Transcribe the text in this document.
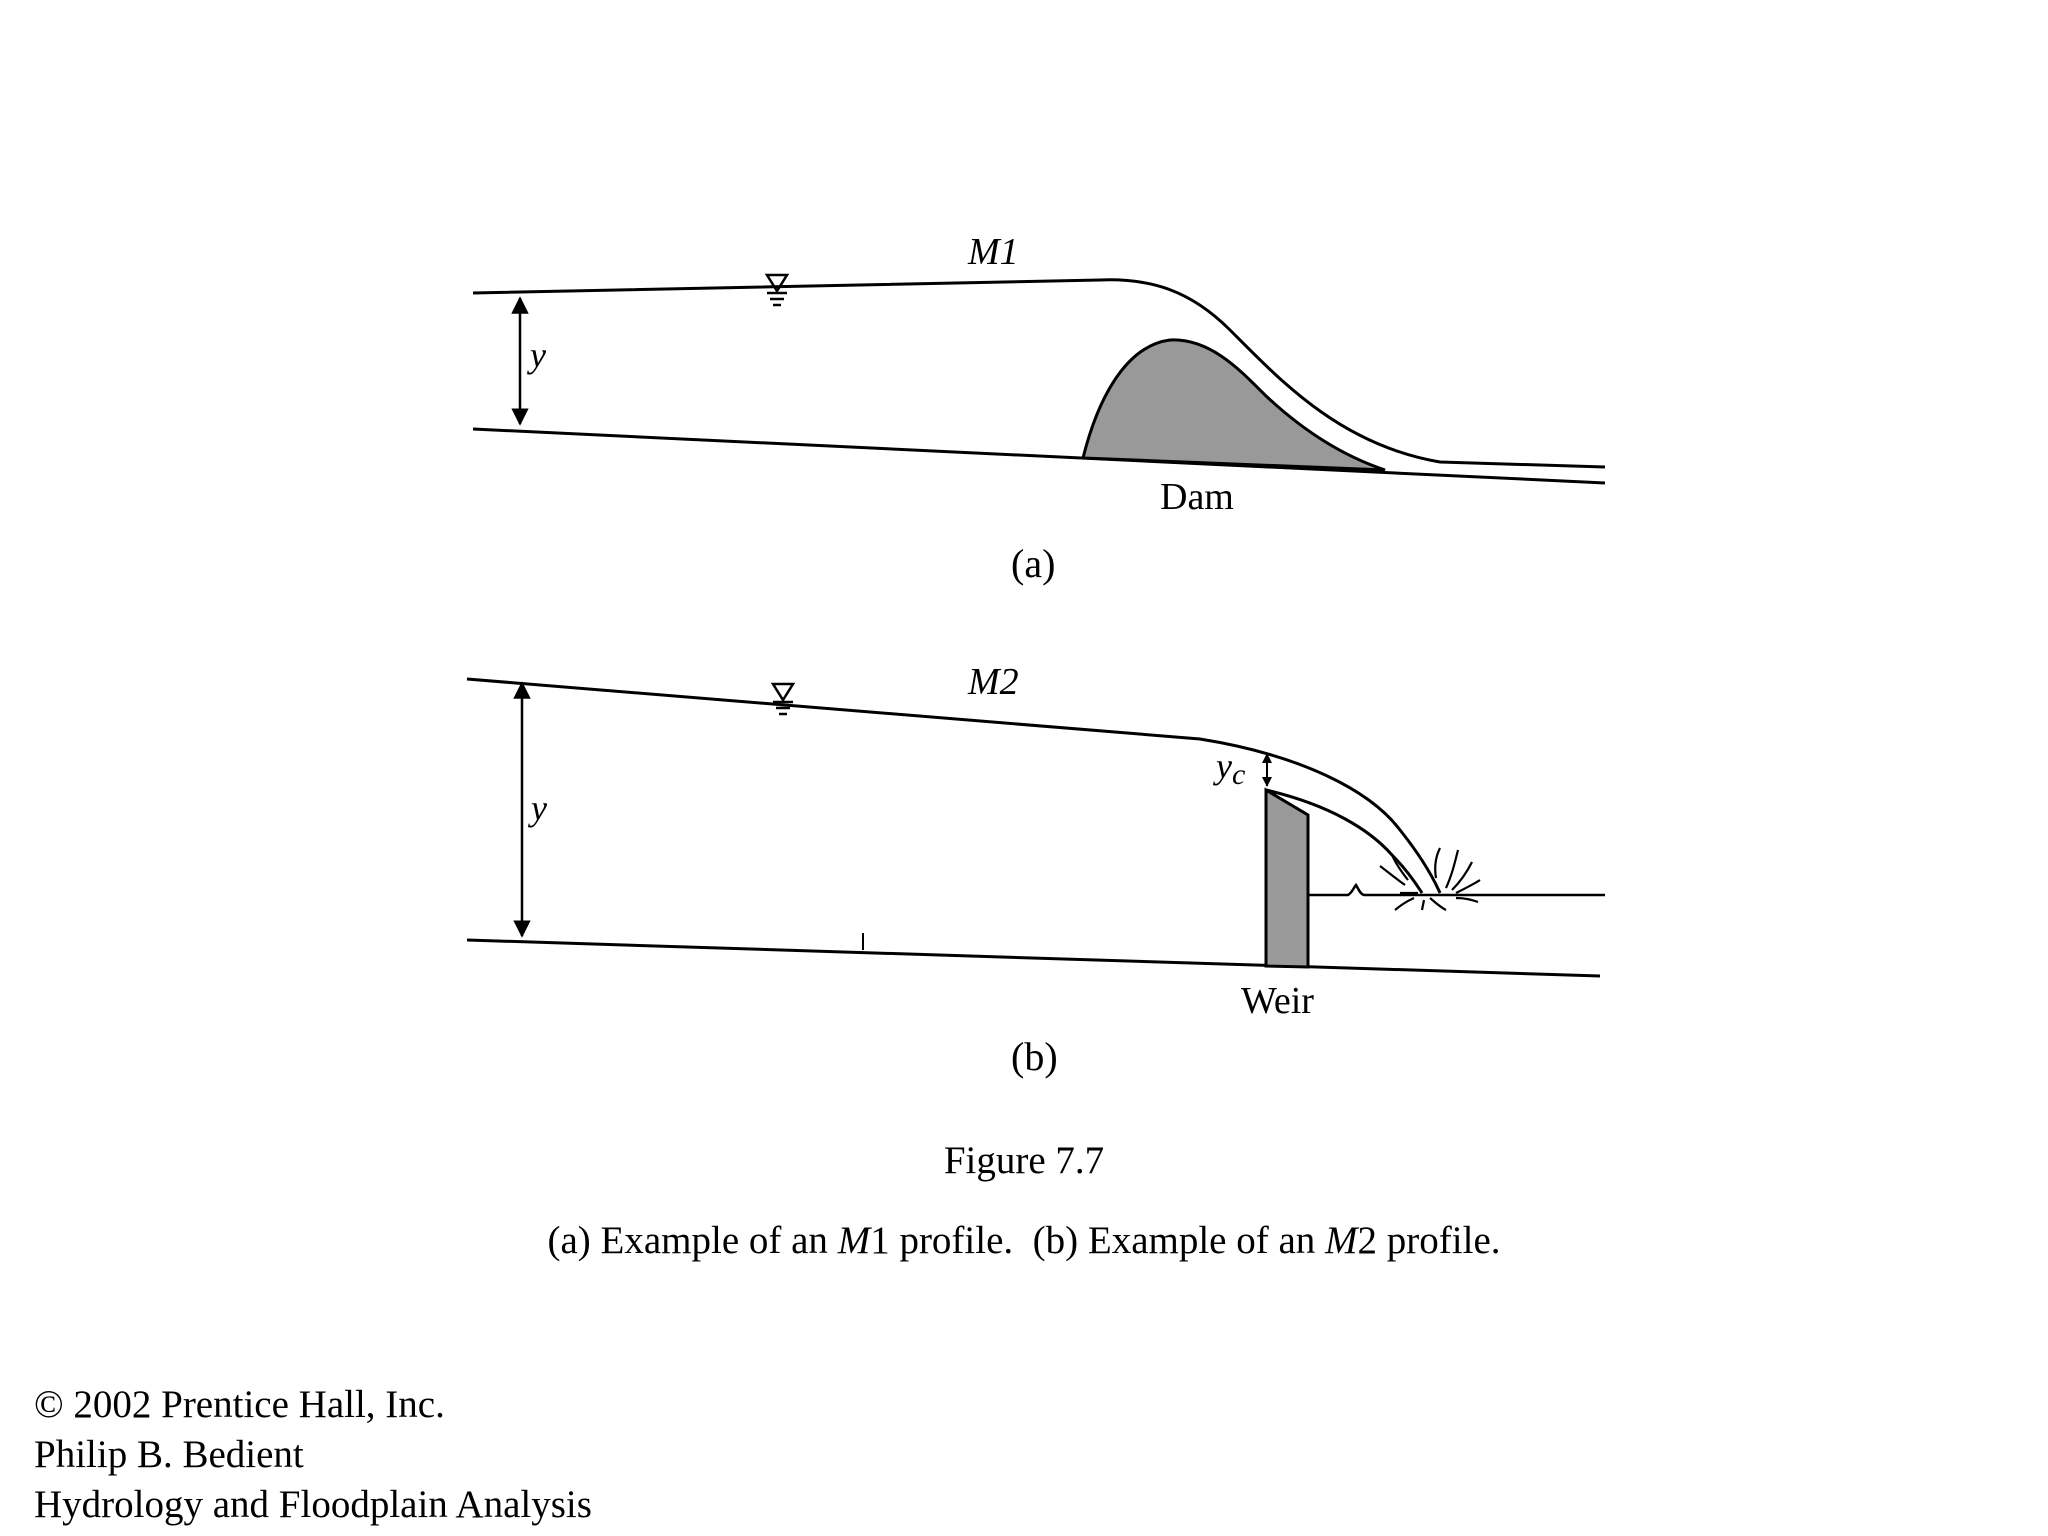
y
M1
Dam
(a)
yc
y
M2
Weir
(b)
Figure 7.7
(a) Example of an M1 profile. (b) Example of an M2 profile.
© 2002 Prentice Hall, Inc.
Philip B. Bedient
Hydrology and Floodplain Analysis
